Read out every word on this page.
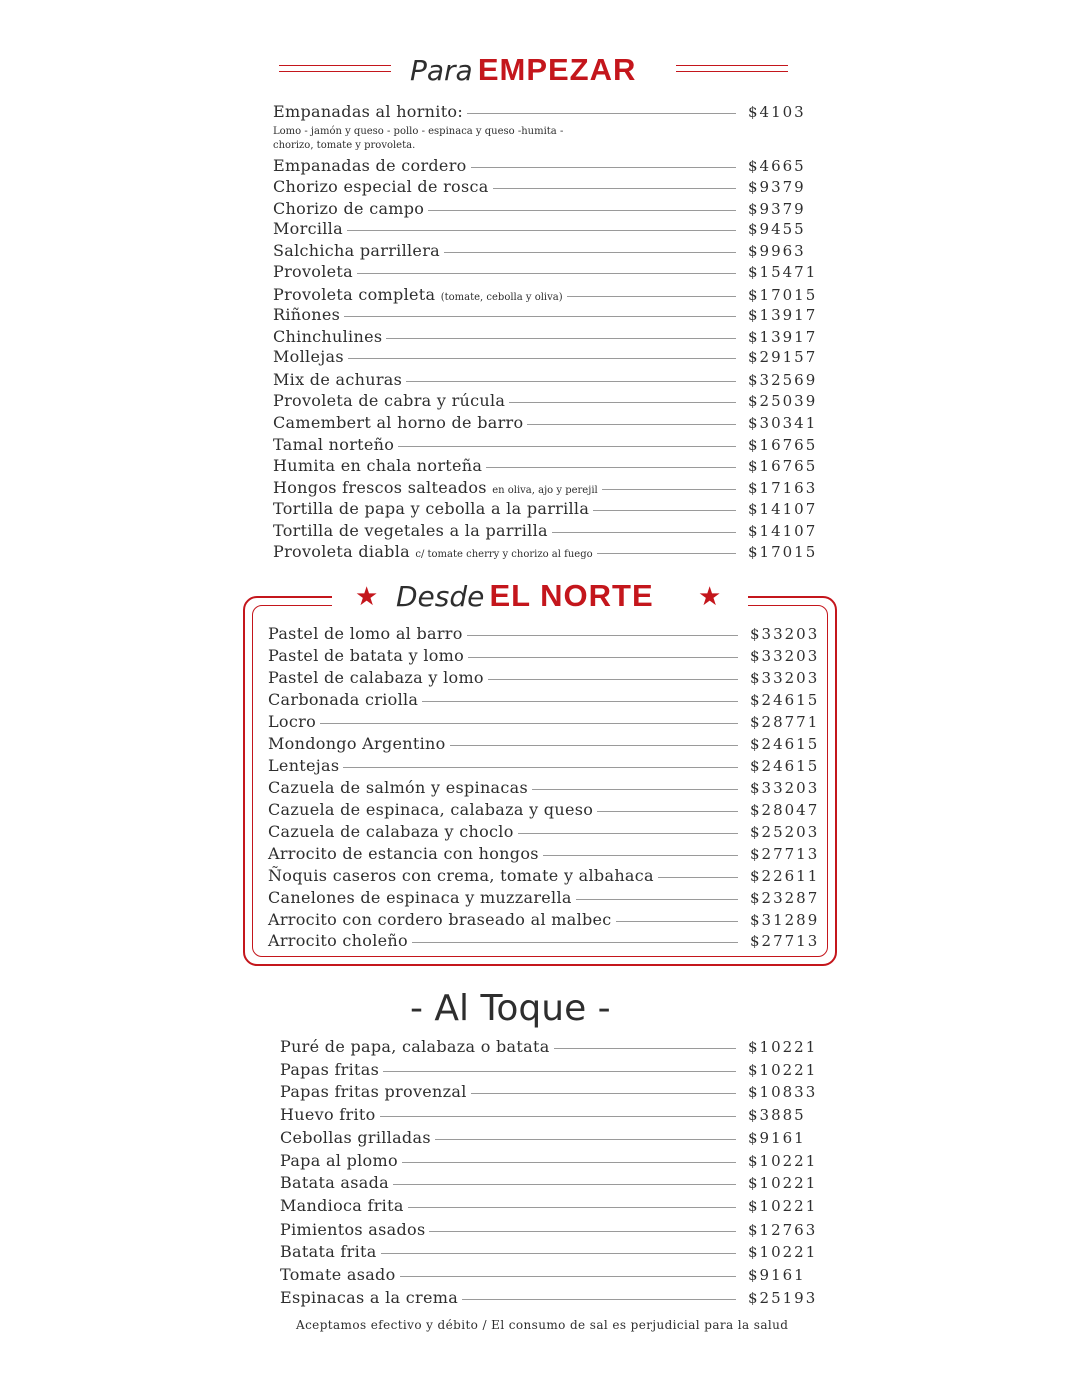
Para EMPEZAR
Empanadas al hornito:	$4103
Empanadas de cordero	$4665
Chorizo especial de rosca	$9379
Chorizo de campo	$9379
Morcilla	$9455
Salchicha parrillera	$9963
Provoleta	$15471
Provoleta completa (tomate, cebolla y oliva)	$17015
Riñones	$13917
Chinchulines	$13917
Mollejas	$29157
Mix de achuras	$32569
Provoleta de cabra y rúcula	$25039
Camembert al horno de barro	$30341
Tamal norteño	$16765
Humita en chala norteña	$16765
Hongos frescos salteados en oliva, ajo y perejil	$17163
Tortilla de papa y cebolla a la parrilla	$14107
Tortilla de vegetales a la parrilla	$14107
Provoleta diabla c/ tomate cherry y chorizo al fuego	$17015
Lomo - jamón y queso - pollo - espinaca y queso -humita -
chorizo, tomate y provoleta.
★ Desde EL NORTE ★
Pastel de lomo al barro	$33203
Pastel de batata y lomo	$33203
Pastel de calabaza y lomo	$33203
Carbonada criolla	$24615
Locro	$28771
Mondongo Argentino	$24615
Lentejas	$24615
Cazuela de salmón y espinacas	$33203
Cazuela de espinaca, calabaza y queso	$28047
Cazuela de calabaza y choclo	$25203
Arrocito de estancia con hongos	$27713
Ñoquis caseros con crema, tomate y albahaca	$22611
Canelones de espinaca y muzzarella	$23287
Arrocito con cordero braseado al malbec	$31289
Arrocito choleño	$27713
- Al Toque -
Puré de papa, calabaza o batata	$10221
Papas fritas	$10221
Papas fritas provenzal	$10833
Huevo frito	$3885
Cebollas grilladas	$9161
Papa al plomo	$10221
Batata asada	$10221
Mandioca frita	$10221
Pimientos asados	$12763
Batata frita	$10221
Tomate asado	$9161
Espinacas a la crema	$25193
Aceptamos efectivo y débito / El consumo de sal es perjudicial para la salud
